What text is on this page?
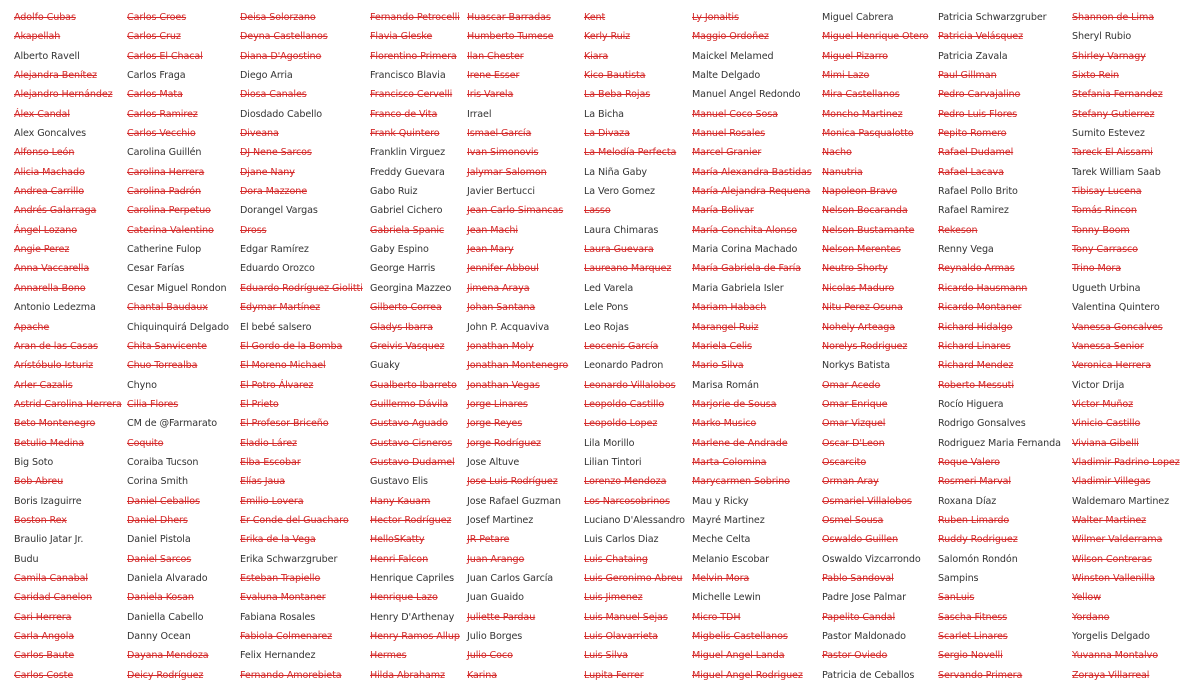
Adolfo Cubas
Akapellah
Alberto Ravell
Alejandra Benítez
Alejandro Hernández
Álex Candal
Alex Goncalves
Alfonso León
Alicia Machado
Andrea Carrillo
Andrés Galarraga
Ángel Lozano
Angie Perez
Anna Vaccarella
Annarella Bono
Antonio Ledezma
Apache
Aran de las Casas
Arístóbulo Isturiz
Arler Cazalis
Astrid Carolina Herrera
Beto Montenegro
Betulio Medina
Big Soto
Bob Abreu
Boris Izaguirre
Boston Rex
Braulio Jatar Jr.
Budu
Camila Canabal
Caridad Canelon
Cari Herrera
Carla Angola
Carlos Baute
Carlos Coste
Carlos Croes
Carlos Cruz
Carlos El Chacal
Carlos Fraga
Carlos Mata
Carlos Ramirez
Carlos Vecchio
Carolina Guillén
Carolina Herrera
Carolina Padrón
Carolina Perpetuo
Caterina Valentino
Catherine Fulop
Cesar Farías
Cesar Miguel Rondon
Chantal Baudaux
Chiquinquirá Delgado
Chita Sanvicente
Chuo Torrealba
Chyno
Cilia Flores
CM de @Farmarato
Coquito
Coraiba Tucson
Corina Smith
Daniel Ceballos
Daniel Dhers
Daniel Pistola
Daniel Sarcos
Daniela Alvarado
Daniela Kosan
Daniella Cabello
Danny Ocean
Dayana Mendoza
Deicy Rodríguez
Deisa Solorzano
Deyna Castellanos
Diana D'Agostino
Diego Arria
Diosa Canales
Diosdado Cabello
Diveana
DJ Nene Sarcos
Djane Nany
Dora Mazzone
Dorangel Vargas
Dross
Edgar Ramírez
Eduardo Orozco
Eduardo Rodríguez Giolitti
Edymar Martínez
El bebé salsero
El Gordo de la Bomba
El Moreno Michael
El Potro Álvarez
El Prieto
El Profesor Briceño
Eladio Lárez
Elba Escobar
Elías Jaua
Emilio Lovera
Er Conde del Guacharo
Erika de la Vega
Erika Schwarzgruber
Esteban Trapiello
Evaluna Montaner
Fabiana Rosales
Fabiola Colmenarez
Felix Hernandez
Fernando Amorebieta
Fernando Petrocelli
Flavia Gleske
Florentino Primera
Francisco Blavia
Francisco Cervelli
Franco de Vita
Frank Quintero
Franklin Virguez
Freddy Guevara
Gabo Ruiz
Gabriel Cichero
Gabriela Spanic
Gaby Espino
George Harris
Georgina Mazzeo
Gilberto Correa
Gladys Ibarra
Greivis Vasquez
Guaky
Gualberto Ibarreto
Guillermo Dávila
Gustavo Aguado
Gustavo Cisneros
Gustavo Dudamel
Gustavo Elis
Hany Kauam
Hector Rodríguez
HelloSKatty
Henri Falcon
Henrique Capriles
Henrique Lazo
Henry D'Arthenay
Henry Ramos Allup
Hermes
Hilda Abrahamz
Huascar Barradas
Humberto Tumese
Ilan Chester
Irene Esser
Iris Varela
Irrael
Ismael García
Ivan Simonovis
Jalymar Salomon
Javier Bertucci
Jean Carlo Simancas
Jean Machi
Jean Mary
Jennifer Abboul
Jimena Araya
Johan Santana
John P. Acquaviva
Jonathan Moly
Jonathan Montenegro
Jonathan Vegas
Jorge Linares
Jorge Reyes
Jorge Rodríguez
Jose Altuve
Jose Luis Rodríguez
Jose Rafael Guzman
Josef Martinez
JR Petare
Juan Arango
Juan Carlos García
Juan Guaido
Juliette Pardau
Julio Borges
Julio Coco
Karina
Kent
Kerly Ruiz
Kiara
Kico Bautista
La Beba Rojas
La Bicha
La Divaza
La Melodía Perfecta
La Niña Gaby
La Vero Gomez
Lasso
Laura Chimaras
Laura Guevara
Laureano Marquez
Led Varela
Lele Pons
Leo Rojas
Leocenis García
Leonardo Padron
Leonardo Villalobos
Leopoldo Castillo
Leopoldo Lopez
Lila Morillo
Lilian Tintori
Lorenzo Mendoza
Los Narcosobrinos
Luciano D'Alessandro
Luis Carlos Diaz
Luis Chataing
Luis Geronimo Abreu
Luis Jimenez
Luis Manuel Sejas
Luis Olavarrieta
Luis Silva
Lupita Ferrer
Ly Jonaitis
Maggio Ordoñez
Maickel Melamed
Malte Delgado
Manuel Angel Redondo
Manuel Coco Sosa
Manuel Rosales
Marcel Granier
María Alexandra Bastidas
María Alejandra Requena
María Bolivar
María Conchita Alonso
Maria Corina Machado
María Gabriela de Faría
Maria Gabriela Isler
Mariam Habach
Marangel Ruiz
Mariela Celis
Mario Silva
Marisa Román
Marjorie de Sousa
Marko Musico
Marlene de Andrade
Marta Colomina
Marycarmen Sobrino
Mau y Ricky
Mayré Martinez
Meche Celta
Melanio Escobar
Melvin Mora
Michelle Lewin
Micro TDH
Migbelis Castellanos
Miguel Angel Landa
Miguel Angel Rodriguez
Miguel Cabrera
Miguel Henrique Otero
Miguel Pizarro
Mimi Lazo
Mira Castellanos
Moncho Martinez
Monica Pasqualotto
Nacho
Nanutria
Napoleon Bravo
Nelson Bocaranda
Nelson Bustamante
Nelson Merentes
Neutro Shorty
Nicolas Maduro
Nitu Perez Osuna
Nohely Arteaga
Norelys Rodriguez
Norkys Batista
Omar Acedo
Omar Enrique
Omar Vizquel
Oscar D'Leon
Oscarcito
Orman Aray
Osmariel Villalobos
Osmel Sousa
Oswaldo Guillen
Oswaldo Vizcarrondo
Pablo Sandoval
Padre Jose Palmar
Papelito Candal
Pastor Maldonado
Pastor Oviedo
Patricia de Ceballos
Patricia Schwarzgruber
Patricia Velásquez
Patricia Zavala
Paul Gillman
Pedro Carvajalino
Pedro Luis Flores
Pepito Romero
Rafael Dudamel
Rafael Lacava
Rafael Pollo Brito
Rafael Ramirez
Rekeson
Renny Vega
Reynaldo Armas
Ricardo Hausmann
Ricardo Montaner
Richard Hidalgo
Richard Linares
Richard Mendez
Roberto Messuti
Rocío Higuera
Rodrigo Gonsalves
Rodriguez Maria Fernanda
Roque Valero
Rosmeri Marval
Roxana Díaz
Ruben Limardo
Ruddy Rodriguez
Salomón Rondón
Sampins
SanLuis
Sascha Fitness
Scarlet Linares
Sergio Novelli
Servando Primera
Shannon de Lima
Sheryl Rubio
Shirley Varnagy
Sixto Rein
Stefania Fernandez
Stefany Gutierrez
Sumito Estevez
Tareck El Aissami
Tarek William Saab
Tibisay Lucena
Tomás Rincon
Tonny Boom
Tony Carrasco
Trino Mora
Ugueth Urbina
Valentina Quintero
Vanessa Goncalves
Vanessa Senior
Veronica Herrera
Victor Drija
Victor Muñoz
Vinicio Castillo
Viviana Gibelli
Vladimir Padrino Lopez
Vladimir Villegas
Waldemaro Martinez
Walter Martinez
Wilmer Valderrama
Wilson Contreras
Winston Vallenilla
Yellow
Yordano
Yorgelis Delgado
Yuvanna Montalvo
Zoraya Villarreal
